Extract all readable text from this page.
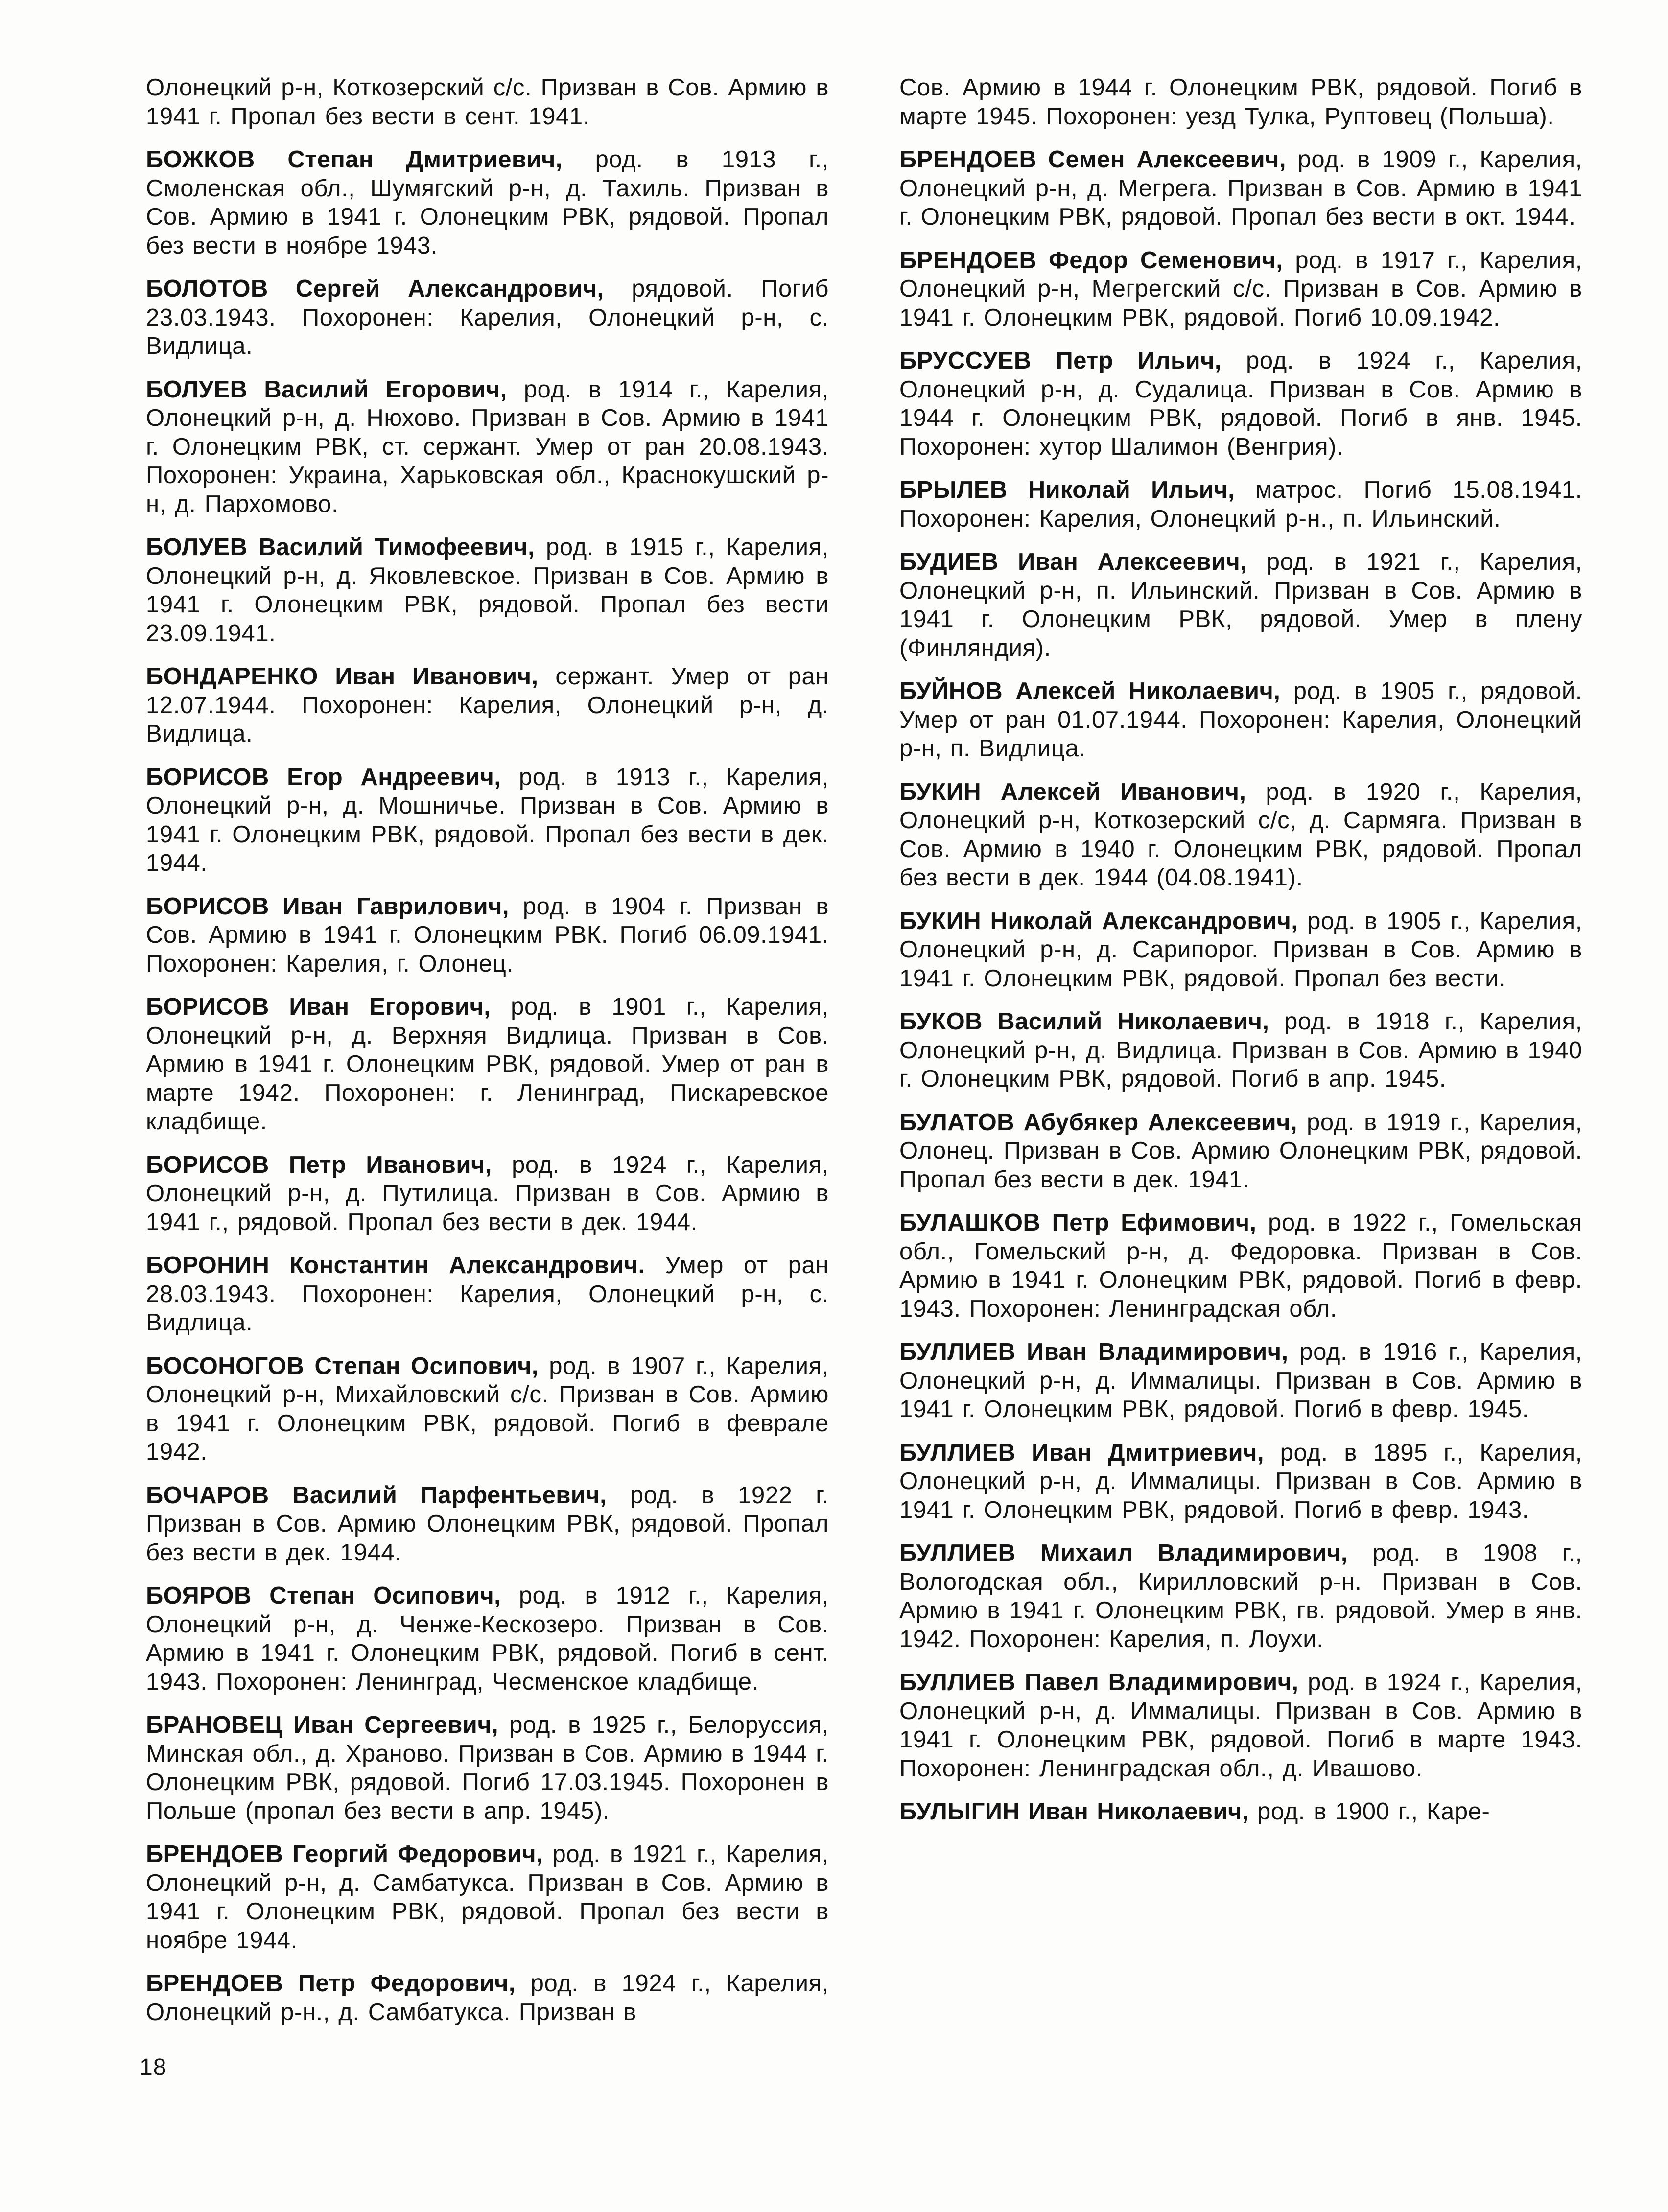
Олонецкий р-н, Коткозерский с/с. Призван в Сов. Армию в 1941 г. Пропал без вести в сент. 1941.

БОЖКОВ Степан Дмитриевич, род. в 1913 г., Смоленская обл., Шумягский р-н, д. Тахиль. Призван в Сов. Армию в 1941 г. Олонецким РВК, рядовой. Пропал без вести в ноябре 1943.

БОЛОТОВ Сергей Александрович, рядовой. Погиб 23.03.1943. Похоронен: Карелия, Олонецкий р-н, с. Видлица.

БОЛУЕВ Василий Егорович, род. в 1914 г., Карелия, Олонецкий р-н, д. Нюхово. Призван в Сов. Армию в 1941 г. Олонецким РВК, ст. сержант. Умер от ран 20.08.1943. Похоронен: Украина, Харьковская обл., Краснокушский р-н, д. Пархомово.

БОЛУЕВ Василий Тимофеевич, род. в 1915 г., Карелия, Олонецкий р-н, д. Яковлевское. Призван в Сов. Армию в 1941 г. Олонецким РВК, рядовой. Пропал без вести 23.09.1941.

БОНДАРЕНКО Иван Иванович, сержант. Умер от ран 12.07.1944. Похоронен: Карелия, Олонецкий р-н, д. Видлица.

БОРИСОВ Егор Андреевич, род. в 1913 г., Карелия, Олонецкий р-н, д. Мошничье. Призван в Сов. Армию в 1941 г. Олонецким РВК, рядовой. Пропал без вести в дек. 1944.

БОРИСОВ Иван Гаврилович, род. в 1904 г. Призван в Сов. Армию в 1941 г. Олонецким РВК. Погиб 06.09.1941. Похоронен: Карелия, г. Олонец.

БОРИСОВ Иван Егорович, род. в 1901 г., Карелия, Олонецкий р-н, д. Верхняя Видлица. Призван в Сов. Армию в 1941 г. Олонецким РВК, рядовой. Умер от ран в марте 1942. Похоронен: г. Ленинград, Пискаревское кладбище.

БОРИСОВ Петр Иванович, род. в 1924 г., Карелия, Олонецкий р-н, д. Путилица. Призван в Сов. Армию в 1941 г., рядовой. Пропал без вести в дек. 1944.

БОРОНИН Константин Александрович. Умер от ран 28.03.1943. Похоронен: Карелия, Олонецкий р-н, с. Видлица.

БОСОНОГОВ Степан Осипович, род. в 1907 г., Карелия, Олонецкий р-н, Михайловский с/с. Призван в Сов. Армию в 1941 г. Олонецким РВК, рядовой. Погиб в феврале 1942.

БОЧАРОВ Василий Парфентьевич, род. в 1922 г. Призван в Сов. Армию Олонецким РВК, рядовой. Пропал без вести в дек. 1944.

БОЯРОВ Степан Осипович, род. в 1912 г., Карелия, Олонецкий р-н, д. Ченже-Кескозеро. Призван в Сов. Армию в 1941 г. Олонецким РВК, рядовой. Погиб в сент. 1943. Похоронен: Ленинград, Чесменское кладбище.

БРАНОВЕЦ Иван Сергеевич, род. в 1925 г., Белоруссия, Минская обл., д. Храново. Призван в Сов. Армию в 1944 г. Олонецким РВК, рядовой. Погиб 17.03.1945. Похоронен в Польше (пропал без вести в апр. 1945).

БРЕНДОЕВ Георгий Федорович, род. в 1921 г., Карелия, Олонецкий р-н, д. Самбатукса. Призван в Сов. Армию в 1941 г. Олонецким РВК, рядовой. Пропал без вести в ноябре 1944.

БРЕНДОЕВ Петр Федорович, род. в 1924 г., Карелия, Олонецкий р-н., д. Самбатукса. Призван в

Сов. Армию в 1944 г. Олонецким РВК, рядовой. Погиб в марте 1945. Похоронен: уезд Тулка, Руптовец (Польша).

БРЕНДОЕВ Семен Алексеевич, род. в 1909 г., Карелия, Олонецкий р-н, д. Мегрега. Призван в Сов. Армию в 1941 г. Олонецким РВК, рядовой. Пропал без вести в окт. 1944.

БРЕНДОЕВ Федор Семенович, род. в 1917 г., Карелия, Олонецкий р-н, Мегрегский с/с. Призван в Сов. Армию в 1941 г. Олонецким РВК, рядовой. Погиб 10.09.1942.

БРУССУЕВ Петр Ильич, род. в 1924 г., Карелия, Олонецкий р-н, д. Судалица. Призван в Сов. Армию в 1944 г. Олонецким РВК, рядовой. Погиб в янв. 1945. Похоронен: хутор Шалимон (Венгрия).

БРЫЛЕВ Николай Ильич, матрос. Погиб 15.08.1941. Похоронен: Карелия, Олонецкий р-н., п. Ильинский.

БУДИЕВ Иван Алексеевич, род. в 1921 г., Карелия, Олонецкий р-н, п. Ильинский. Призван в Сов. Армию в 1941 г. Олонецким РВК, рядовой. Умер в плену (Финляндия).

БУЙНОВ Алексей Николаевич, род. в 1905 г., рядовой. Умер от ран 01.07.1944. Похоронен: Карелия, Олонецкий р-н, п. Видлица.

БУКИН Алексей Иванович, род. в 1920 г., Карелия, Олонецкий р-н, Коткозерский с/с, д. Сармяга. Призван в Сов. Армию в 1940 г. Олонецким РВК, рядовой. Пропал без вести в дек. 1944 (04.08.1941).

БУКИН Николай Александрович, род. в 1905 г., Карелия, Олонецкий р-н, д. Сарипорог. Призван в Сов. Армию в 1941 г. Олонецким РВК, рядовой. Пропал без вести.

БУКОВ Василий Николаевич, род. в 1918 г., Карелия, Олонецкий р-н, д. Видлица. Призван в Сов. Армию в 1940 г. Олонецким РВК, рядовой. Погиб в апр. 1945.

БУЛАТОВ Абубякер Алексеевич, род. в 1919 г., Карелия, Олонец. Призван в Сов. Армию Олонецким РВК, рядовой. Пропал без вести в дек. 1941.

БУЛАШКОВ Петр Ефимович, род. в 1922 г., Гомельская обл., Гомельский р-н, д. Федоровка. Призван в Сов. Армию в 1941 г. Олонецким РВК, рядовой. Погиб в февр. 1943. Похоронен: Ленинградская обл.

БУЛЛИЕВ Иван Владимирович, род. в 1916 г., Карелия, Олонецкий р-н, д. Иммалицы. Призван в Сов. Армию в 1941 г. Олонецким РВК, рядовой. Погиб в февр. 1945.

БУЛЛИЕВ Иван Дмитриевич, род. в 1895 г., Карелия, Олонецкий р-н, д. Иммалицы. Призван в Сов. Армию в 1941 г. Олонецким РВК, рядовой. Погиб в февр. 1943.

БУЛЛИЕВ Михаил Владимирович, род. в 1908 г., Вологодская обл., Кирилловский р-н. Призван в Сов. Армию в 1941 г. Олонецким РВК, гв. рядовой. Умер в янв. 1942. Похоронен: Карелия, п. Лоухи.

БУЛЛИЕВ Павел Владимирович, род. в 1924 г., Карелия, Олонецкий р-н, д. Иммалицы. Призван в Сов. Армию в 1941 г. Олонецким РВК, рядовой. Погиб в марте 1943. Похоронен: Ленинградская обл., д. Ивашово.

БУЛЫГИН Иван Николаевич, род. в 1900 г., Каре-

18
